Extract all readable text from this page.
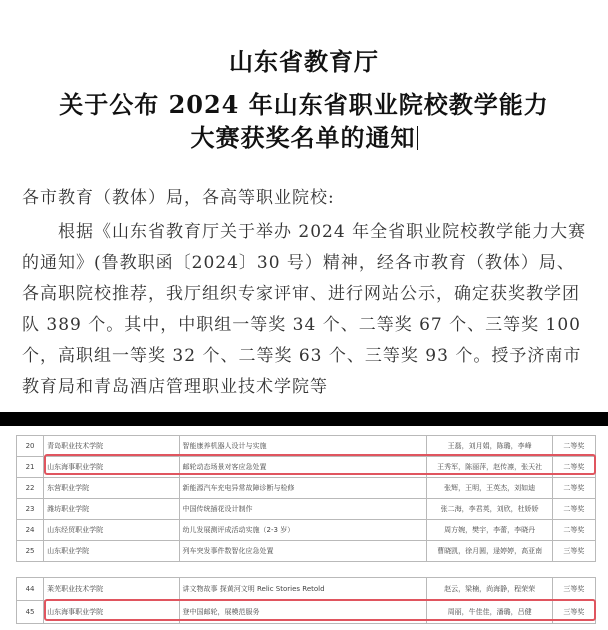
山东省教育厅
关于公布 2024 年山东省职业院校教学能力
大赛获奖名单的通知
各市教育（教体）局，各高等职业院校:
根据《山东省教育厅关于举办 2024 年全省职业院校教学能力大赛的通知》(鲁教职函〔2024〕30 号）精神，经各市教育（教体）局、各高职院校推荐，我厅组织专家评审、进行网站公示，确定获奖教学团队 389 个。其中，中职组一等奖 34 个、二等奖 67 个、三等奖 100 个，高职组一等奖 32 个、二等奖 63 个、三等奖 93 个。授予济南市教育局和青岛酒店管理职业技术学院等
20	青岛职业技术学院	智能康养机器人设计与实施	王磊，刘月娟，陈璐，李峰	二等奖
21	山东海事职业学院	邮轮动态场景对客应急处置	王秀军，陈丽萍，赵传凛，张天社	二等奖
22	东营职业学院	新能源汽车充电异常故障诊断与检修	张辉，王明，王英杰，刘如迪	二等奖
23	潍坊职业学院	中国传统插花设计制作	张二海，李君英，刘欣，杜娇娇	二等奖
24	山东经贸职业学院	幼儿发展测评成活动实施（2-3 岁）	周方婉，樊宇，李蕾，李晓丹	二等奖
25	山东职业学院	列车突发事件数智化应急处置	曹晓凯，徐月圆，逯婷婷，高亚南	三等奖
44	莱芜职业技术学院	讲文物故事 探黄河文明 Relic Stories Retold	赵云，梁楠，尚海静，程荣荣	三等奖
45	山东海事职业学院	登中国邮轮，展模范服务	周丽，牛佳佳，潘璐，吕健	三等奖
